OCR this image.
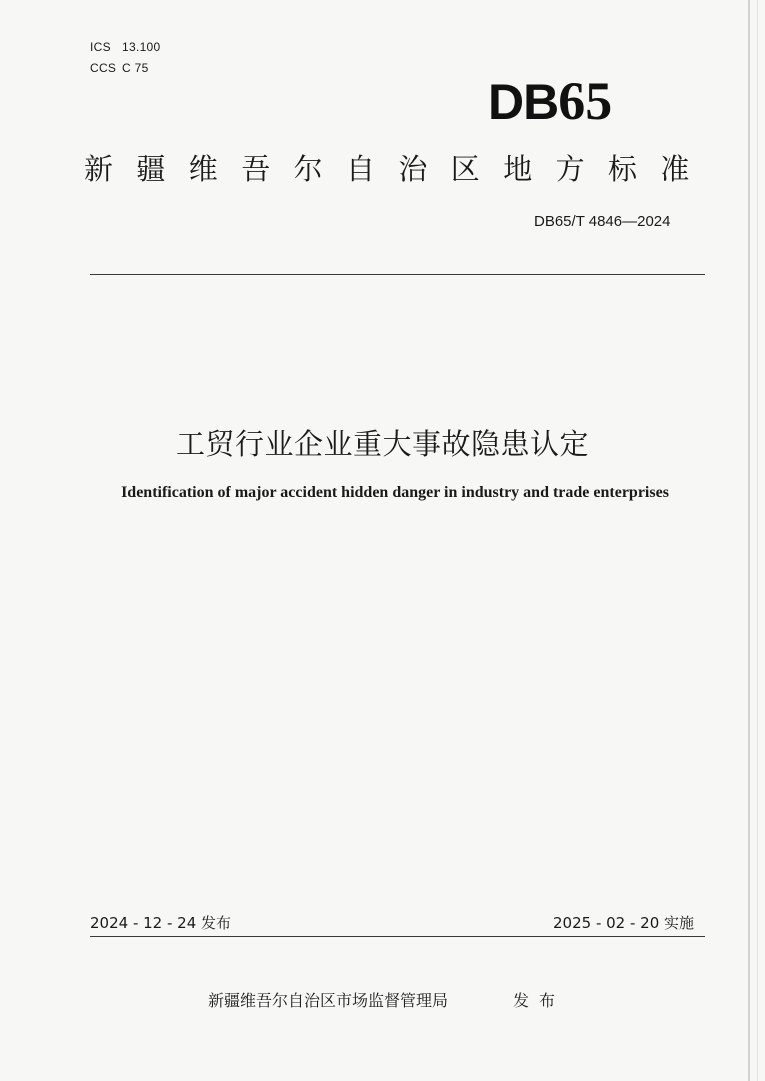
ICS 13.100
CCS C 75
DB65
新疆维吾尔自治区地方标准
DB65/T 4846—2024
工贸行业企业重大事故隐患认定
Identification of major accident hidden danger in industry and trade enterprises
2024 - 12 - 24 发布	2025 - 02 - 20 实施
新疆维吾尔自治区市场监督管理局	发布
